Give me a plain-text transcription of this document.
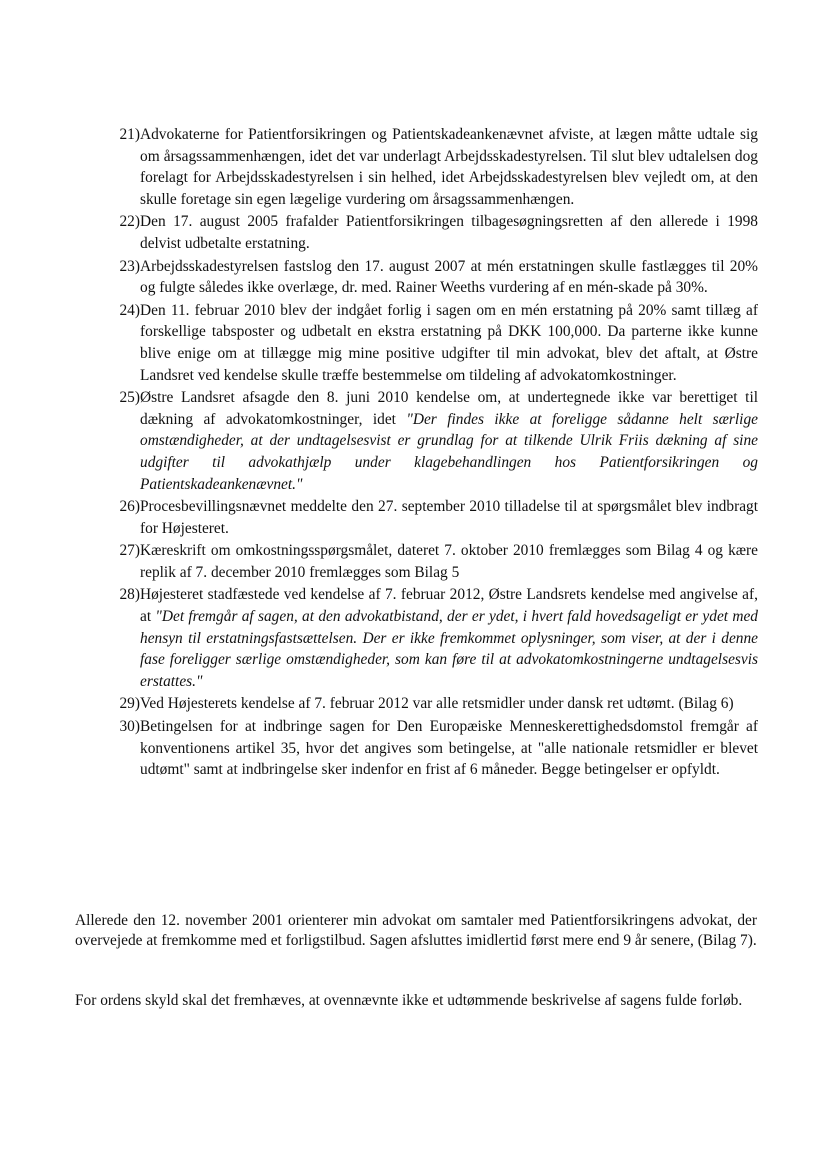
21) Advokaterne for Patientforsikringen og Patientskadeankenævnet afviste, at lægen måtte udtale sig om årsagssammenhængen, idet det var underlagt Arbejdsskadestyrelsen. Til slut blev udtalelsen dog forelagt for Arbejdsskadestyrelsen i sin helhed, idet Arbejdsskadestyrelsen blev vejledt om, at den skulle foretage sin egen lægelige vurdering om årsagssammenhængen.
22) Den 17. august 2005 frafalder Patientforsikringen tilbagesøgningsretten af den allerede i 1998 delvist udbetalte erstatning.
23) Arbejdsskadestyrelsen fastslog den 17. august 2007 at mén erstatningen skulle fastlægges til 20% og fulgte således ikke overlæge, dr. med. Rainer Weeths vurdering af en mén-skade på 30%.
24) Den 11. februar 2010 blev der indgået forlig i sagen om en mén erstatning på 20% samt tillæg af forskellige tabsposter og udbetalt en ekstra erstatning på DKK 100,000. Da parterne ikke kunne blive enige om at tillægge mig mine positive udgifter til min advokat, blev det aftalt, at Østre Landsret ved kendelse skulle træffe bestemmelse om tildeling af advokatomkostninger.
25) Østre Landsret afsagde den 8. juni 2010 kendelse om, at undertegnede ikke var berettiget til dækning af advokatomkostninger, idet "Der findes ikke at foreligge sådanne helt særlige omstændigheder, at der undtagelsesvist er grundlag for at tilkende Ulrik Friis dækning af sine udgifter til advokathjælp under klagebehandlingen hos Patientforsikringen og Patientskadeankenævnet."
26) Procesbevillingsnævnet meddelte den 27. september 2010 tilladelse til at spørgsmålet blev indbragt for Højesteret.
27) Kæreskrift om omkostningsspørgsmålet, dateret 7. oktober 2010 fremlægges som Bilag 4 og kære replik af 7. december 2010 fremlægges som Bilag 5
28) Højesteret stadfæstede ved kendelse af 7. februar 2012, Østre Landsrets kendelse med angivelse af, at "Det fremgår af sagen, at den advokatbistand, der er ydet, i hvert fald hovedsageligt er ydet med hensyn til erstatningsfastsættelsen. Der er ikke fremkommet oplysninger, som viser, at der i denne fase foreligger særlige omstændigheder, som kan føre til at advokatomkostningerne undtagelsesvis erstattes."
29) Ved Højesterets kendelse af 7. februar 2012 var alle retsmidler under dansk ret udtømt. (Bilag 6)
30) Betingelsen for at indbringe sagen for Den Europæiske Menneskerettighedsdomstol fremgår af konventionens artikel 35, hvor det angives som betingelse, at "alle nationale retsmidler er blevet udtømt" samt at indbringelse sker indenfor en frist af 6 måneder. Begge betingelser er opfyldt.

Allerede den 12. november 2001 orienterer min advokat om samtaler med Patientforsikringens advokat, der overvejede at fremkomme med et forligstilbud. Sagen afsluttes imidlertid først mere end 9 år senere, (Bilag 7).

For ordens skyld skal det fremhæves, at ovennævnte ikke et udtømmende beskrivelse af sagens fulde forløb.
